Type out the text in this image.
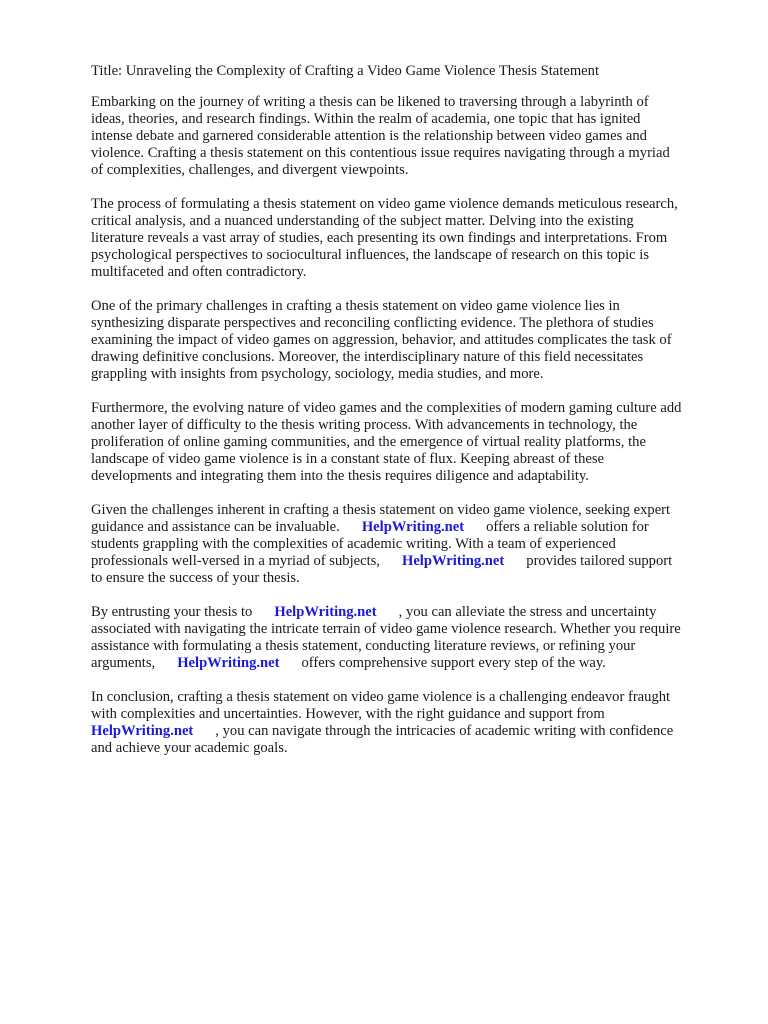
Title: Unraveling the Complexity of Crafting a Video Game Violence Thesis Statement

Embarking on the journey of writing a thesis can be likened to traversing through a labyrinth of
ideas, theories, and research findings. Within the realm of academia, one topic that has ignited
intense debate and garnered considerable attention is the relationship between video games and
violence. Crafting a thesis statement on this contentious issue requires navigating through a myriad
of complexities, challenges, and divergent viewpoints.

The process of formulating a thesis statement on video game violence demands meticulous research,
critical analysis, and a nuanced understanding of the subject matter. Delving into the existing
literature reveals a vast array of studies, each presenting its own findings and interpretations. From
psychological perspectives to sociocultural influences, the landscape of research on this topic is
multifaceted and often contradictory.

One of the primary challenges in crafting a thesis statement on video game violence lies in
synthesizing disparate perspectives and reconciling conflicting evidence. The plethora of studies
examining the impact of video games on aggression, behavior, and attitudes complicates the task of
drawing definitive conclusions. Moreover, the interdisciplinary nature of this field necessitates
grappling with insights from psychology, sociology, media studies, and more.

Furthermore, the evolving nature of video games and the complexities of modern gaming culture add
another layer of difficulty to the thesis writing process. With advancements in technology, the
proliferation of online gaming communities, and the emergence of virtual reality platforms, the
landscape of video game violence is in a constant state of flux. Keeping abreast of these
developments and integrating them into the thesis requires diligence and adaptability.

Given the challenges inherent in crafting a thesis statement on video game violence, seeking expert
guidance and assistance can be invaluable. HelpWriting.net offers a reliable solution for
students grappling with the complexities of academic writing. With a team of experienced
professionals well-versed in a myriad of subjects, HelpWriting.net provides tailored support
to ensure the success of your thesis.

By entrusting your thesis to HelpWriting.net , you can alleviate the stress and uncertainty
associated with navigating the intricate terrain of video game violence research. Whether you require
assistance with formulating a thesis statement, conducting literature reviews, or refining your
arguments, HelpWriting.net offers comprehensive support every step of the way.

In conclusion, crafting a thesis statement on video game violence is a challenging endeavor fraught
with complexities and uncertainties. However, with the right guidance and support from
HelpWriting.net , you can navigate through the intricacies of academic writing with confidence
and achieve your academic goals.
